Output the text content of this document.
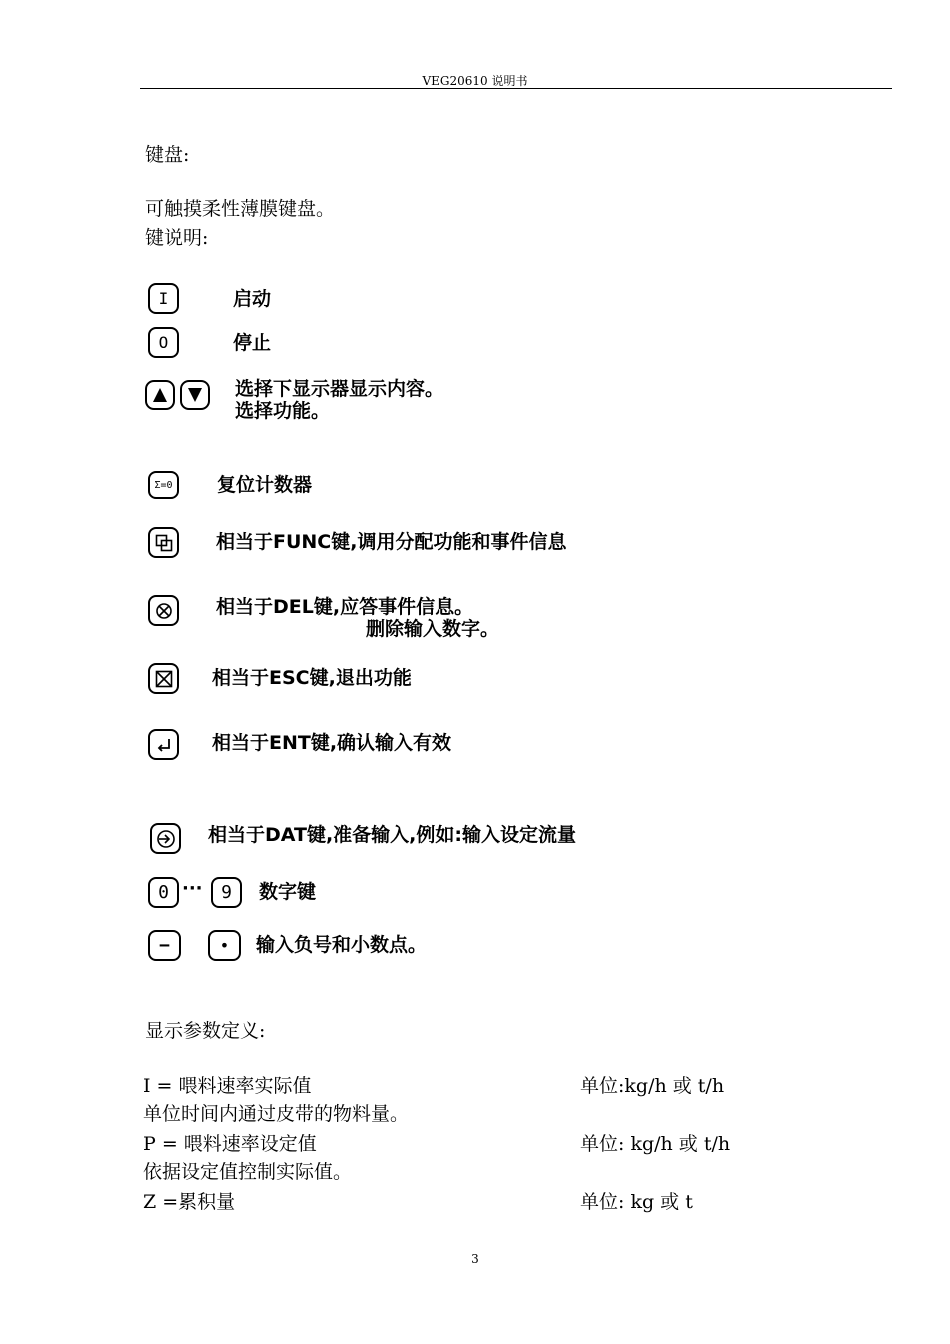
VEG20610 说明书
键盘:
可触摸柔性薄膜键盘。
键说明:
I	启动
O	停止
选择下显示器显示内容。
选择功能。
Σ=0	复位计数器
相当于FUNC键,调用分配功能和事件信息
相当于DEL键,应答事件信息。
删除输入数字。
相当于ESC键,退出功能
相当于ENT键,确认输入有效
相当于DAT键,准备输入,例如:输入设定流量
0 ···	9	数字键
−	•	输入负号和小数点。
显示参数定义:
I = 喂料速率实际值	单位:kg/h 或 t/h
单位时间内通过皮带的物料量。
P = 喂料速率设定值	单位: kg/h 或 t/h
依据设定值控制实际值。
Z =累积量	单位: kg 或 t
3
